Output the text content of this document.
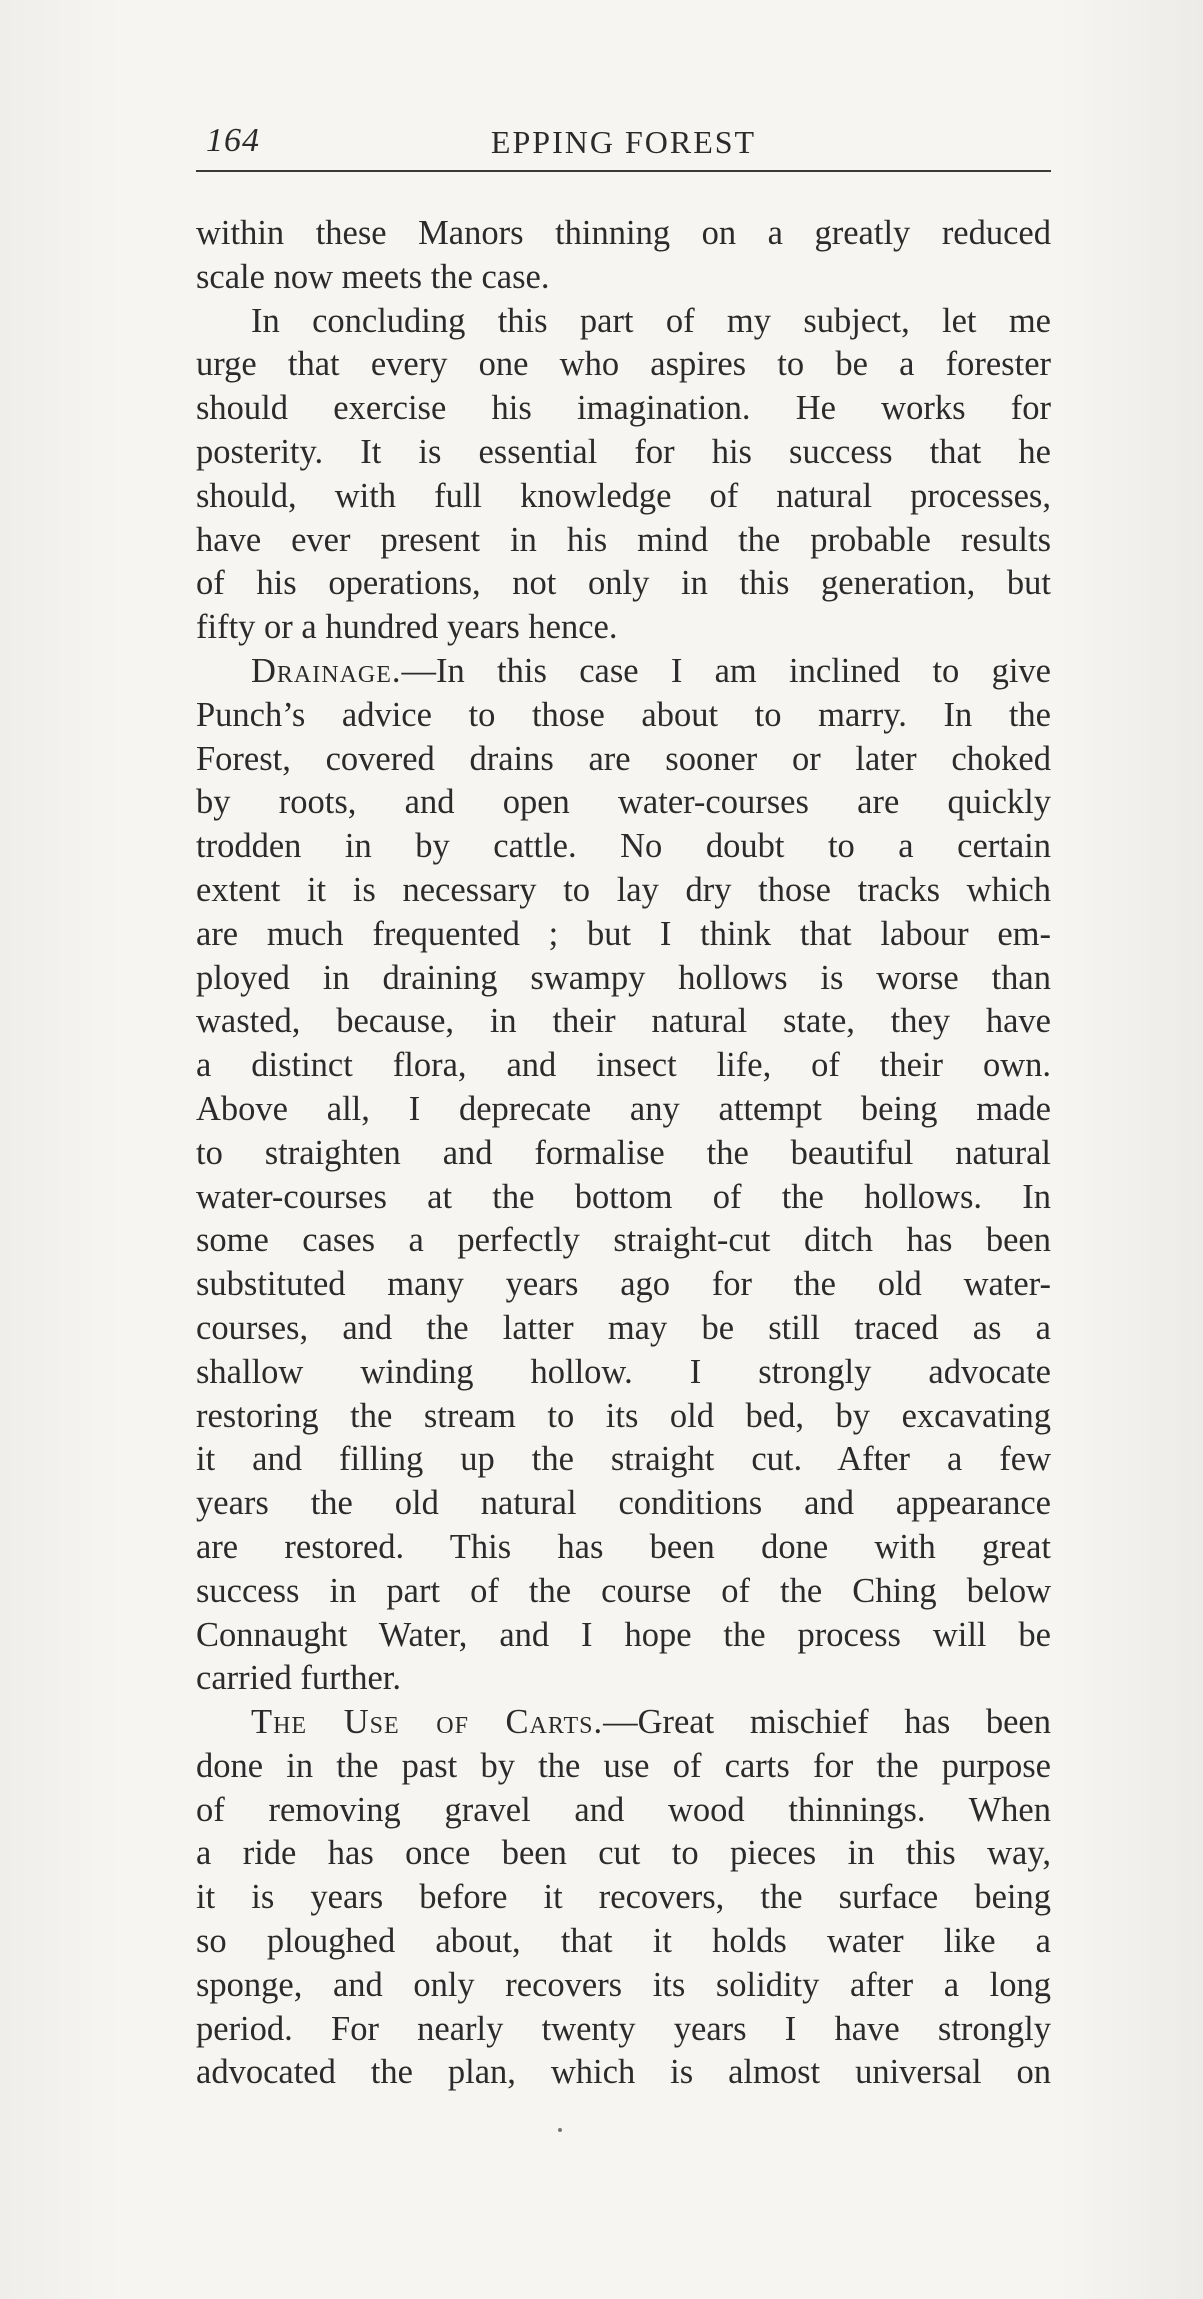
164	EPPING FOREST
within these Manors thinning on a greatly reduced
scale now meets the case.
In concluding this part of my subject, let me
urge that every one who aspires to be a forester
should exercise his imagination. He works for
posterity. It is essential for his success that he
should, with full knowledge of natural processes,
have ever present in his mind the probable results
of his operations, not only in this generation, but
fifty or a hundred years hence.
Drainage.—In this case I am inclined to give
Punch’s advice to those about to marry. In the
Forest, covered drains are sooner or later choked
by roots, and open water-courses are quickly
trodden in by cattle. No doubt to a certain
extent it is necessary to lay dry those tracks which
are much frequented ; but I think that labour em-
ployed in draining swampy hollows is worse than
wasted, because, in their natural state, they have
a distinct flora, and insect life, of their own.
Above all, I deprecate any attempt being made
to straighten and formalise the beautiful natural
water-courses at the bottom of the hollows. In
some cases a perfectly straight-cut ditch has been
substituted many years ago for the old water-
courses, and the latter may be still traced as a
shallow winding hollow. I strongly advocate
restoring the stream to its old bed, by excavating
it and filling up the straight cut. After a few
years the old natural conditions and appearance
are restored. This has been done with great
success in part of the course of the Ching below
Connaught Water, and I hope the process will be
carried further.
The Use of Carts.—Great mischief has been
done in the past by the use of carts for the purpose
of removing gravel and wood thinnings. When
a ride has once been cut to pieces in this way,
it is years before it recovers, the surface being
so ploughed about, that it holds water like a
sponge, and only recovers its solidity after a long
period. For nearly twenty years I have strongly
advocated the plan, which is almost universal on
